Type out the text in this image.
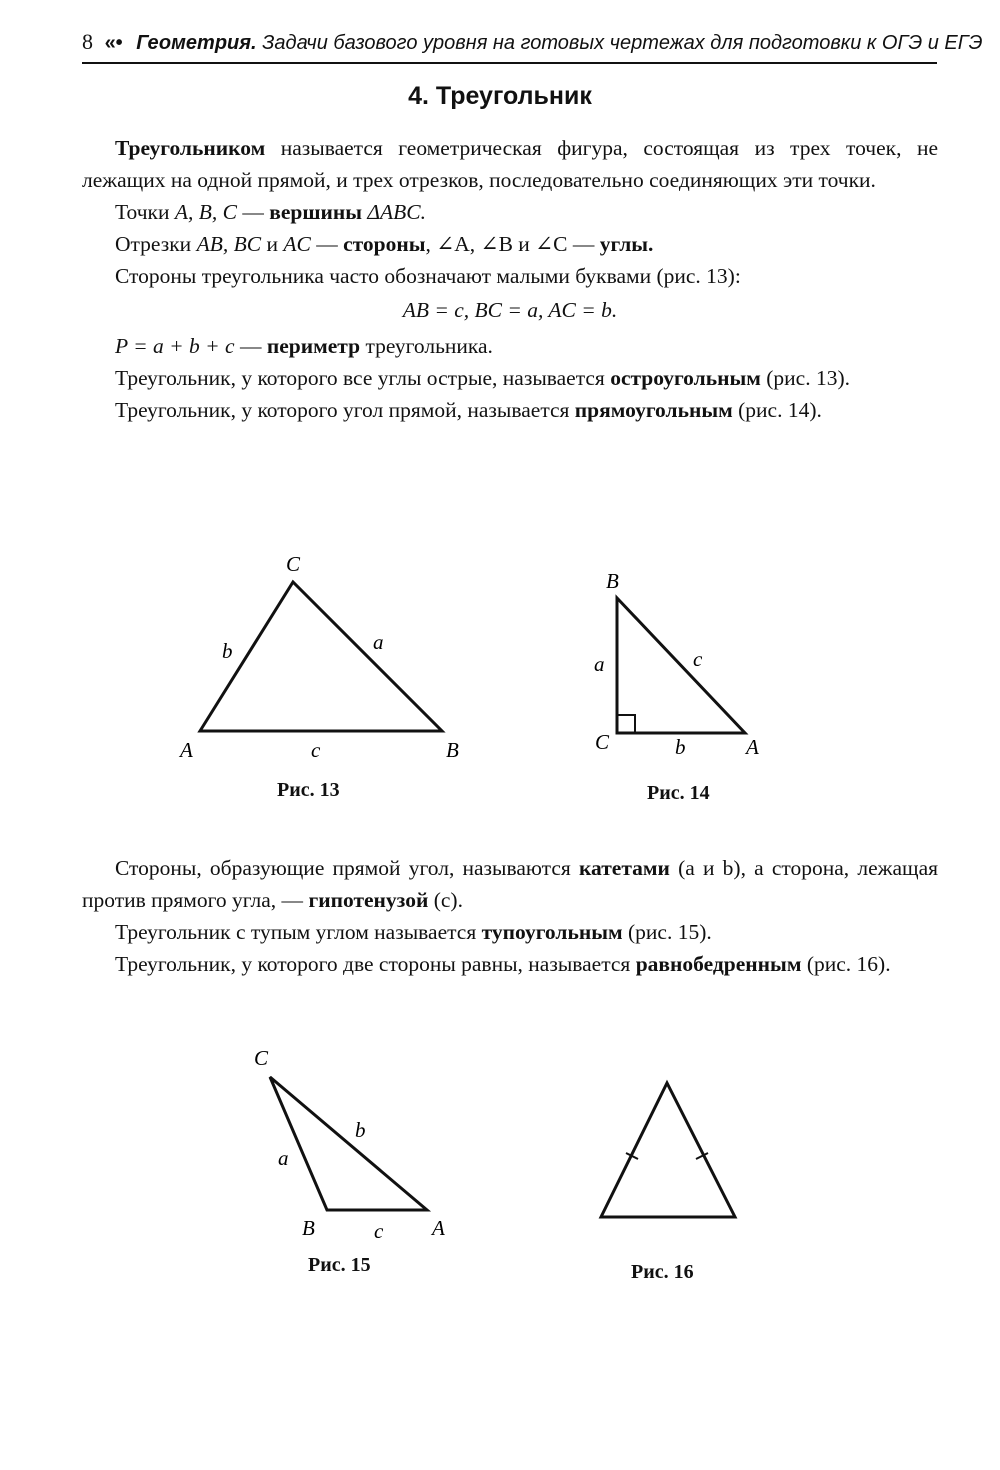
8 «• Геометрия. Задачи базового уровня на готовых чертежах для подготовки к ОГЭ и ЕГЭ
4. Треугольник

Треугольником называется геометрическая фигура, состоящая из трех точек, не лежащих на одной прямой, и трех отрезков, последовательно соединяющих эти точки.

Точки A, B, C — вершины ΔABC.

Отрезки AB, BC и AC — стороны, ∠A, ∠B и ∠C — углы.

Стороны треугольника часто обозначают малыми буквами (рис. 13):

AB = c, BC = a, AC = b.

P = a + b + c — периметр треугольника.

Треугольник, у которого все углы острые, называется остроугольным (рис. 13).

Треугольник, у которого угол прямой, называется прямоугольным (рис. 14).

C
b	a
A	c	B
Рис. 13
B
a	c
C	b	A
Рис. 14

Стороны, образующие прямой угол, называются катетами (a и b), а сторона, лежащая против прямого угла, — гипотенузой (c).

Треугольник с тупым углом называется тупоугольным (рис. 15).

Треугольник, у которого две стороны равны, называется равнобедренным (рис. 16).

C
b
a
B	c A
Рис. 15	Рис. 16
